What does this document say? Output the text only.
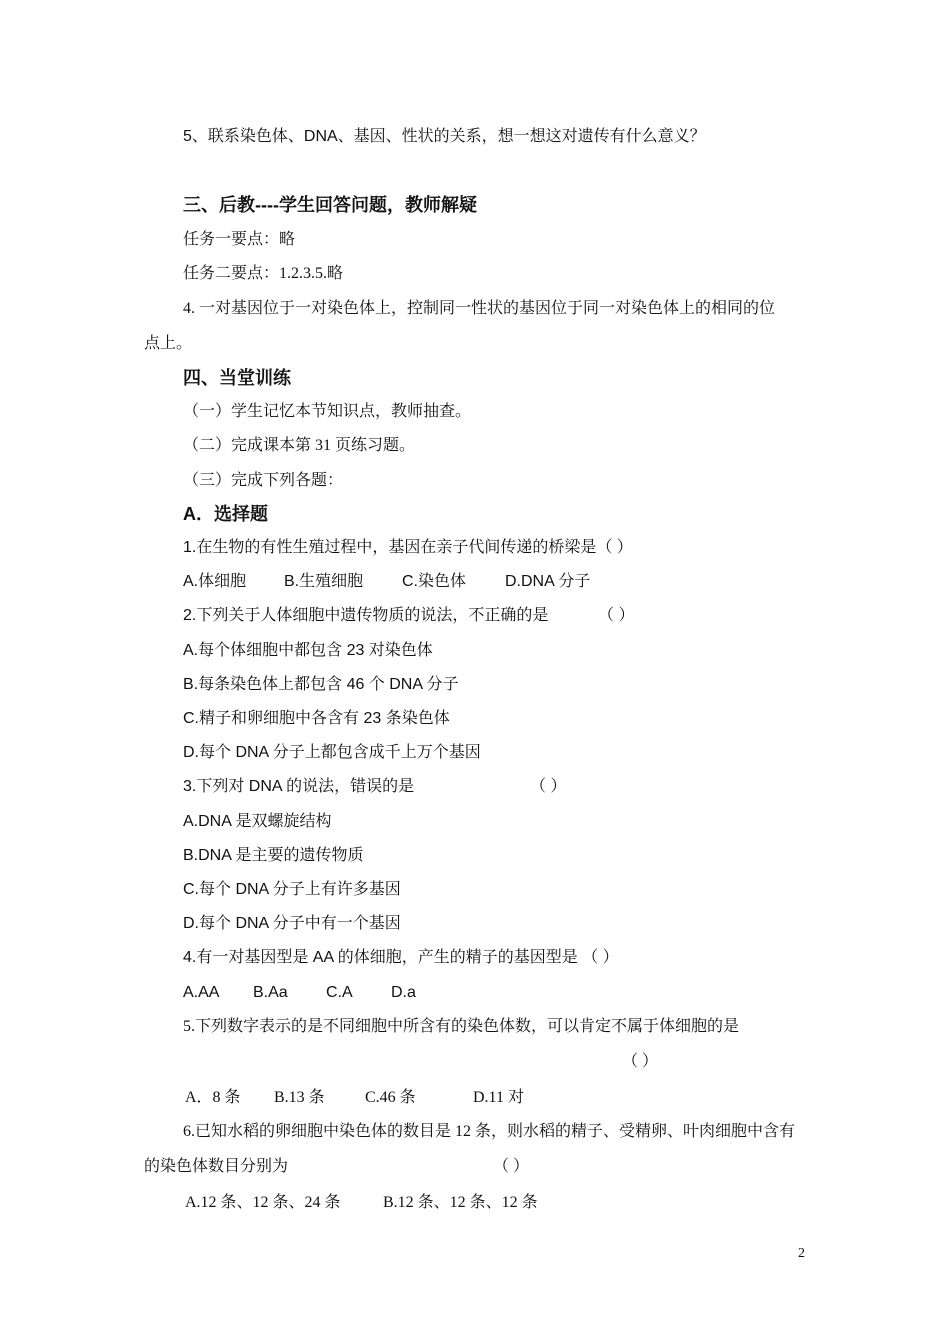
5、联系染色体、DNA、基因、性状的关系，想一想这对遗传有什么意义？
三、后教----学生回答问题，教师解疑
任务一要点：略
任务二要点：1.2.3.5.略
4. 一对基因位于一对染色体上，控制同一性状的基因位于同一对染色体上的相同的位
点上。
四、当堂训练
（一）学生记忆本节知识点，教师抽查。
（二）完成课本第 31 页练习题。
（三）完成下列各题：
A．选择题
1.在生物的有性生殖过程中，基因在亲子代间传递的桥梁是（ ）
A.体细胞 B.生殖细胞 C.染色体 D.DNA 分子
2.下列关于人体细胞中遗传物质的说法，不正确的是	（ ）
A.每个体细胞中都包含 23 对染色体
B.每条染色体上都包含 46 个 DNA 分子
C.精子和卵细胞中各含有 23 条染色体
D.每个 DNA 分子上都包含成千上万个基因
3.下列对 DNA 的说法，错误的是	（ ）
A.DNA 是双螺旋结构
B.DNA 是主要的遗传物质
C.每个 DNA 分子上有许多基因
D.每个 DNA 分子中有一个基因
4.有一对基因型是 AA 的体细胞，产生的精子的基因型是 （ ）
A.AA B.Aa C.A D.a
5.下列数字表示的是不同细胞中所含有的染色体数，可以肯定不属于体细胞的是
（ ）
A．8 条 B.13 条	C.46 条	D.11 对
6.已知水稻的卵细胞中染色体的数目是 12 条，则水稻的精子、受精卵、叶肉细胞中含有
的染色体数目分别为	（ ）
A.12 条、12 条、24 条	B.12 条、12 条、12 条
2
